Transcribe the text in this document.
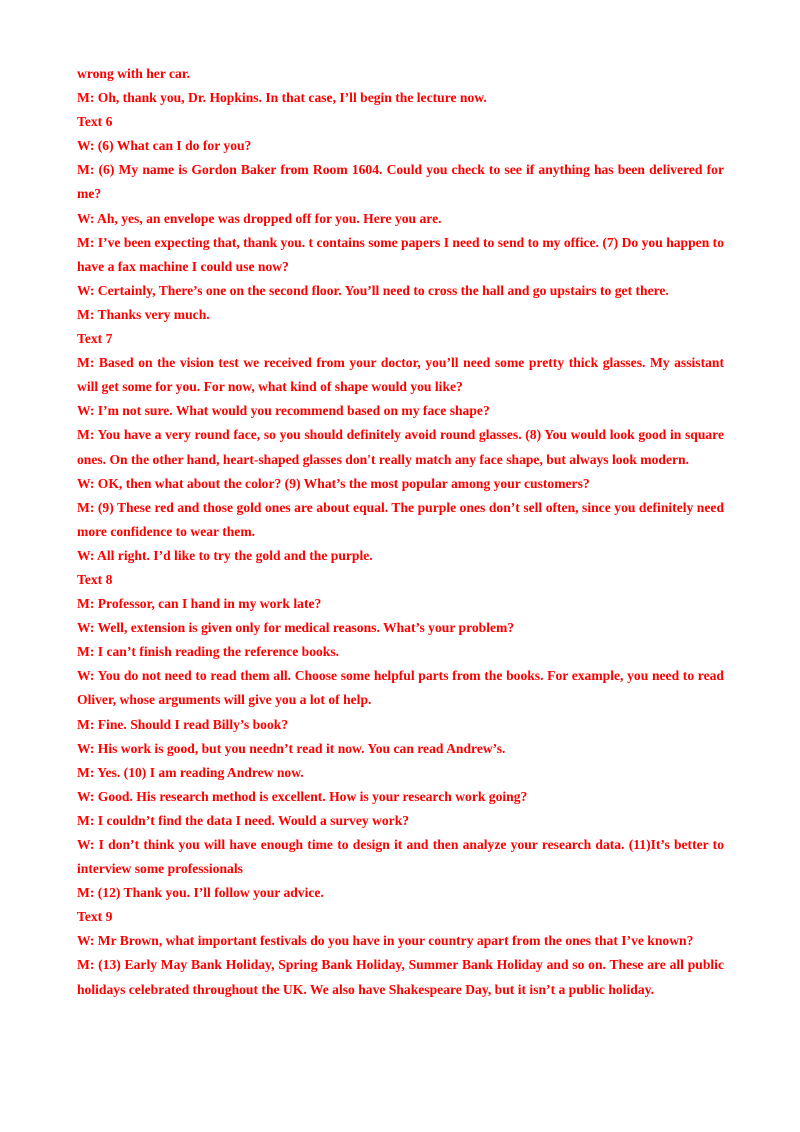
wrong with her car.

M: Oh, thank you, Dr. Hopkins. In that case, I’ll begin the lecture now.

Text 6

W: (6) What can I do for you?

M: (6) My name is Gordon Baker from Room 1604. Could you check to see if anything has been delivered for me?

W: Ah, yes, an envelope was dropped off for you. Here you are.

M: I’ve been expecting that, thank you. t contains some papers I need to send to my office. (7) Do you happen to have a fax machine I could use now?

W: Certainly, There’s one on the second floor. You’ll need to cross the hall and go upstairs to get there.

M: Thanks very much.

Text 7

M: Based on the vision test we received from your doctor, you’ll need some pretty thick glasses. My assistant will get some for you. For now, what kind of shape would you like?

W: I’m not sure. What would you recommend based on my face shape?

M: You have a very round face, so you should definitely avoid round glasses. (8) You would look good in square ones. On the other hand, heart-shaped glasses don't really match any face shape, but always look modern.

W: OK, then what about the color? (9) What’s the most popular among your customers?

M: (9) These red and those gold ones are about equal. The purple ones don’t sell often, since you definitely need more confidence to wear them.

W: All right. I’d like to try the gold and the purple.

Text 8

M: Professor, can I hand in my work late?

W: Well, extension is given only for medical reasons. What’s your problem?

M: I can’t finish reading the reference books.

W: You do not need to read them all. Choose some helpful parts from the books. For example, you need to read Oliver, whose arguments will give you a lot of help.

M: Fine. Should I read Billy’s book?

W: His work is good, but you needn’t read it now. You can read Andrew’s.

M: Yes. (10) I am reading Andrew now.

W: Good. His research method is excellent. How is your research work going?

M: I couldn’t find the data I need. Would a survey work?

W: I don’t think you will have enough time to design it and then analyze your research data. (11)It’s better to interview some professionals

M: (12) Thank you. I’ll follow your advice.

Text 9

W: Mr Brown, what important festivals do you have in your country apart from the ones that I’ve known?

M: (13) Early May Bank Holiday, Spring Bank Holiday, Summer Bank Holiday and so on. These are all public holidays celebrated throughout the UK. We also have Shakespeare Day, but it isn’t a public holiday.
